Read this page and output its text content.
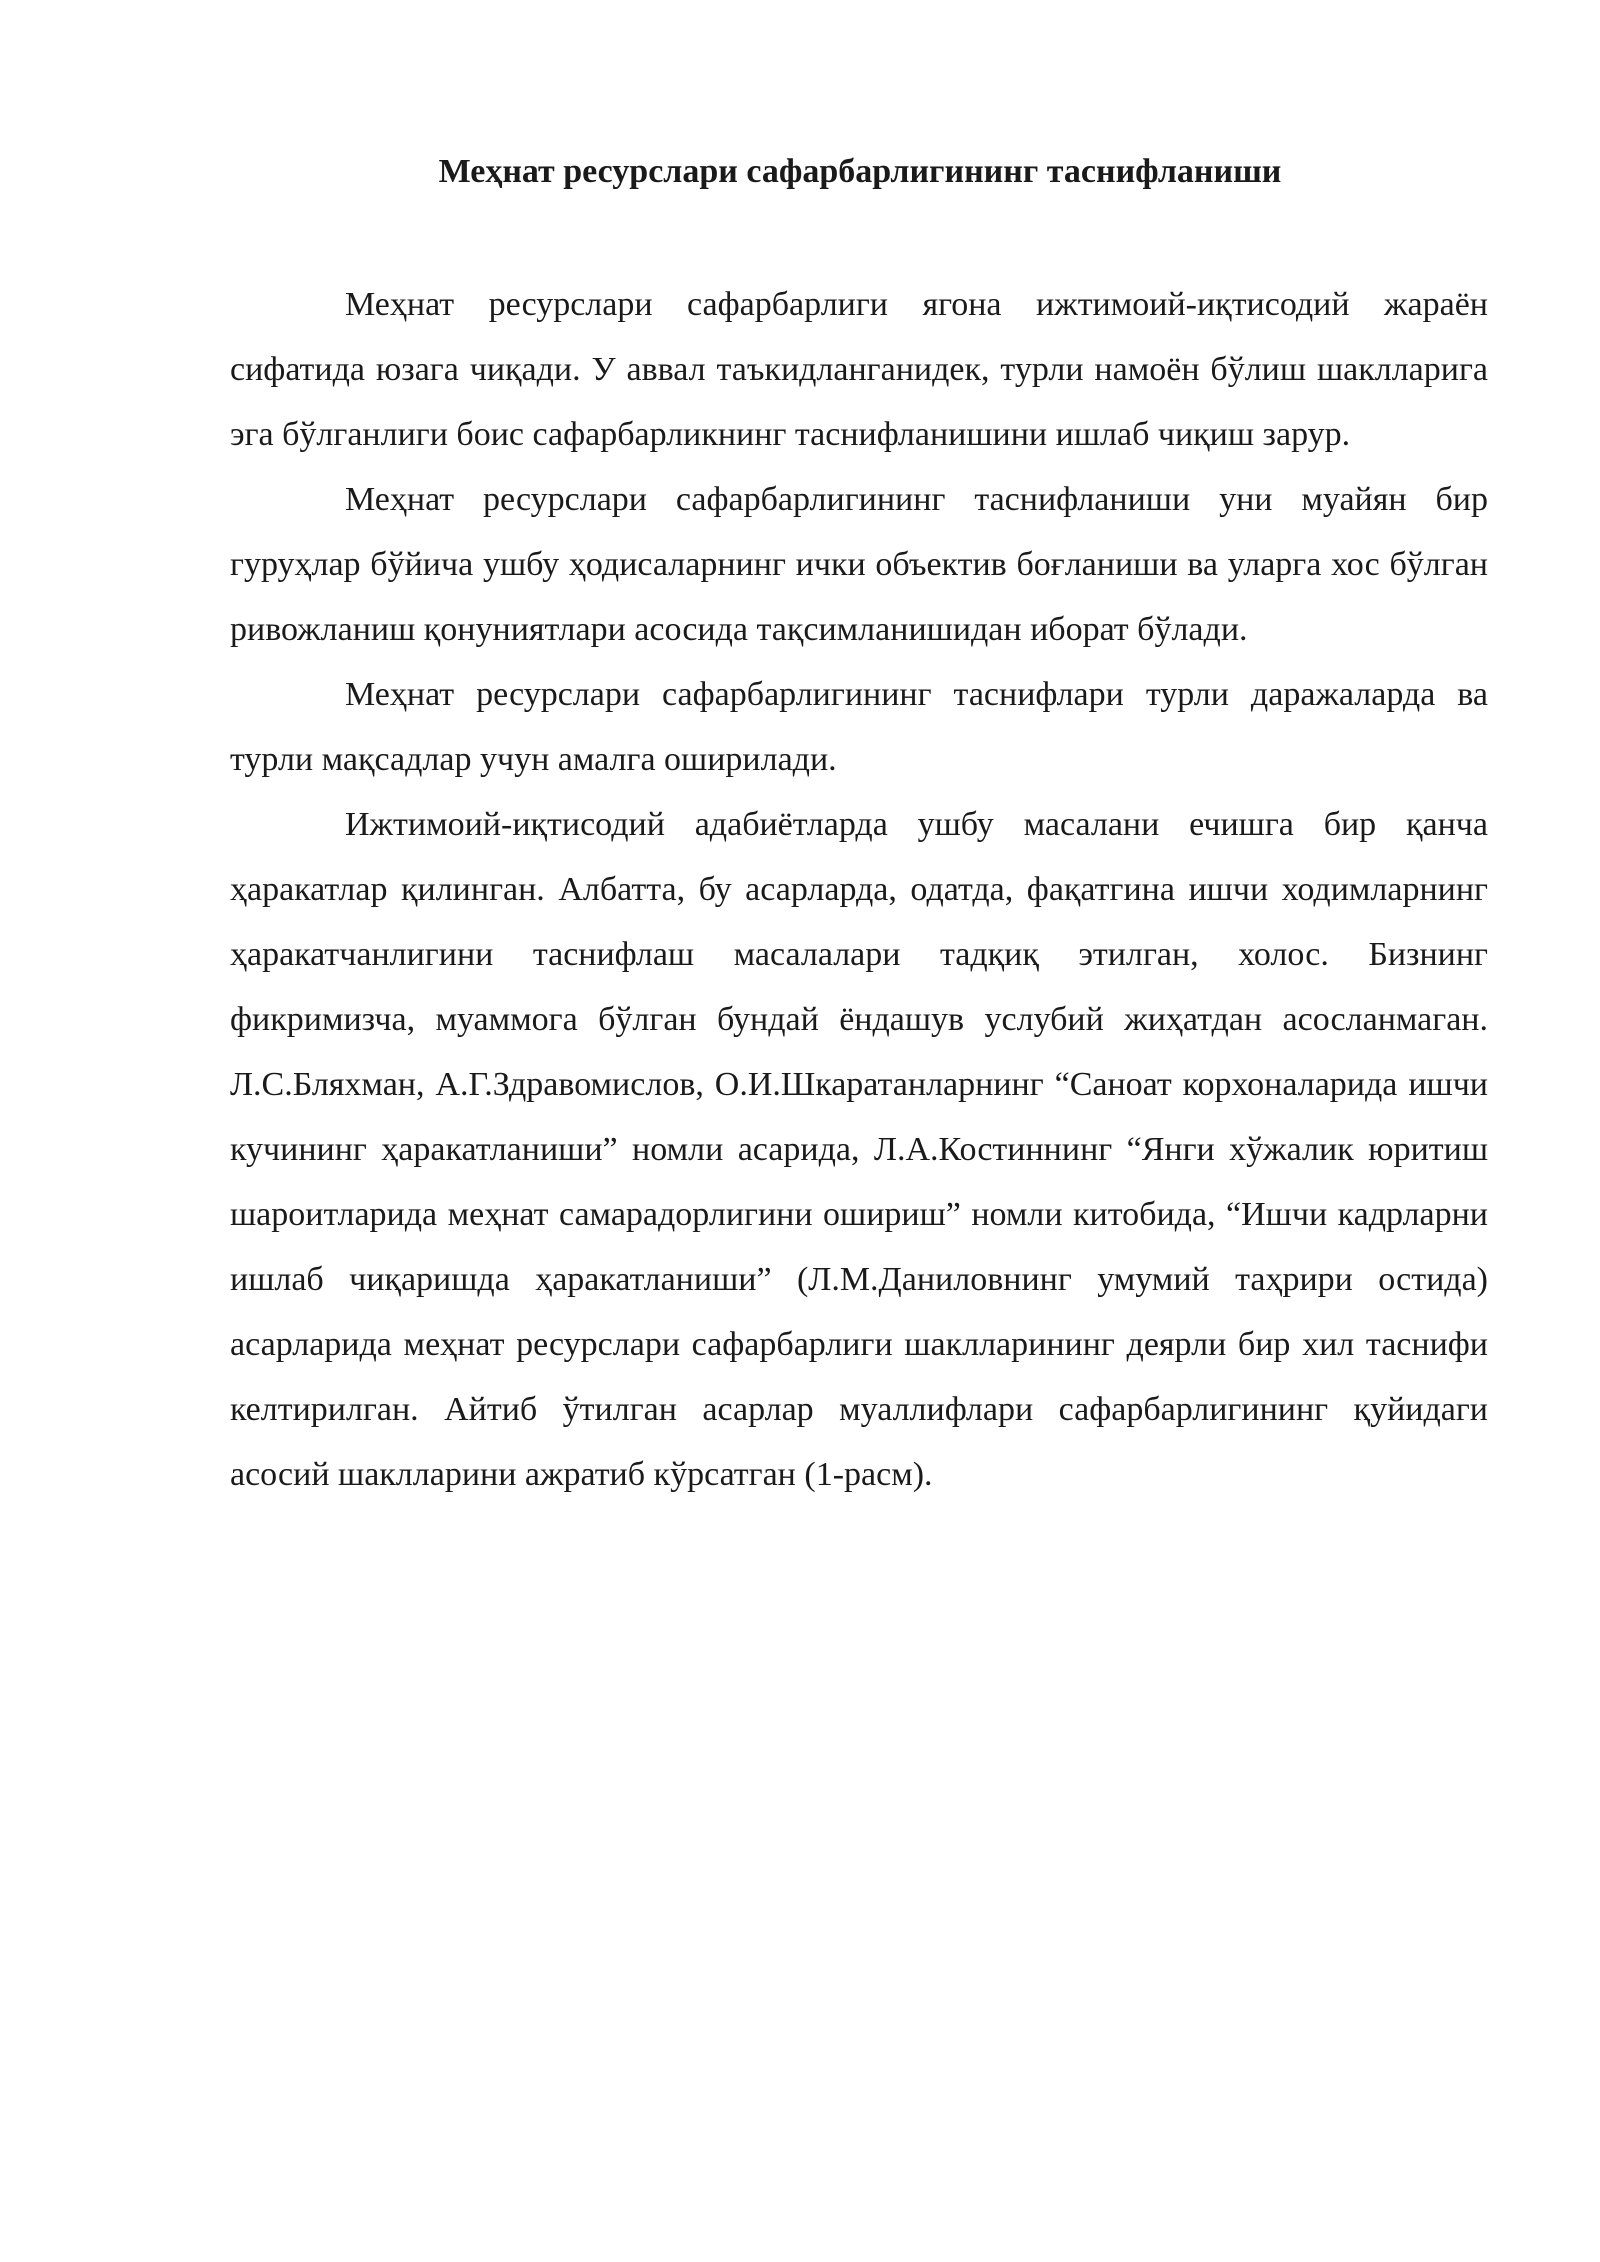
Меҳнат ресурслари сафарбарлигининг таснифланиши

Меҳнат ресурслари сафарбарлиги ягона ижтимоий-иқтисодий жараён сифатида юзага чиқади. У аввал таъкидланганидек, турли намоён бўлиш шаклларига эга бўлганлиги боис сафарбарликнинг таснифланишини ишлаб чиқиш зарур.

Меҳнат ресурслари сафарбарлигининг таснифланиши уни муайян бир гуруҳлар бўйича ушбу ҳодисаларнинг ички объектив боғланиши ва уларга хос бўлган ривожланиш қонуниятлари асосида тақсимланишидан иборат бўлади.

Меҳнат ресурслари сафарбарлигининг таснифлари турли даражаларда ва турли мақсадлар учун амалга оширилади.

Ижтимоий-иқтисодий адабиётларда ушбу масалани ечишга бир қанча ҳаракатлар қилинган. Албатта, бу асарларда, одатда, фақатгина ишчи ходимларнинг ҳаракатчанлигини таснифлаш масалалари тадқиқ этилган, холос. Бизнинг фикримизча, муаммога бўлган бундай ёндашув услубий жиҳатдан асосланмаган. Л.С.Бляхман, А.Г.Здравомислов, О.И.Шкаратанларнинг “Саноат корхоналарида ишчи кучининг ҳаракатланиши” номли асарида, Л.А.Костиннинг “Янги хўжалик юритиш шароитларида меҳнат самарадорлигини ошириш” номли китобида, “Ишчи кадрларни ишлаб чиқаришда ҳаракатланиши” (Л.М.Даниловнинг умумий таҳрири остида) асарларида меҳнат ресурслари сафарбарлиги шаклларининг деярли бир хил таснифи келтирилган. Айтиб ўтилган асарлар муаллифлари сафарбарлигининг қуйидаги асосий шаклларини ажратиб кўрсатган (1-расм).
